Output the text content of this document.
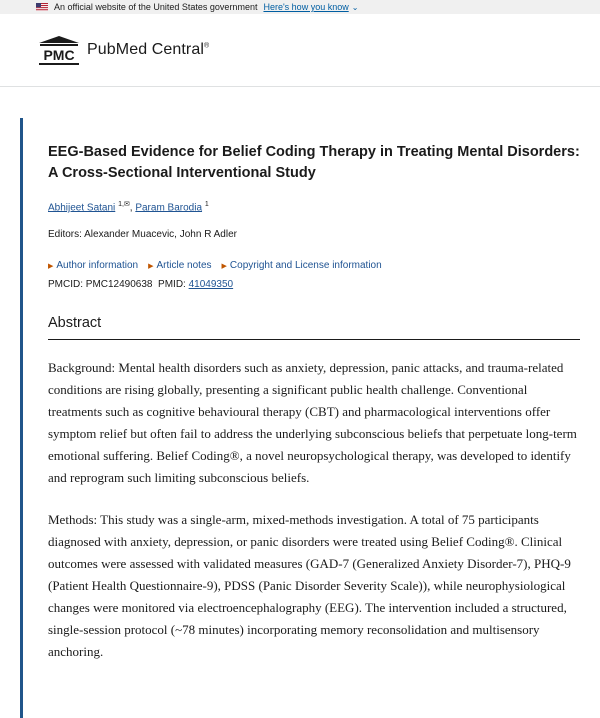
An official website of the United States government Here's how you know ⌄
PMC PubMed Central®
EEG-Based Evidence for Belief Coding Therapy in Treating Mental Disorders: A Cross-Sectional Interventional Study
Abhijeet Satani $^{1,✉}$, Param Barodia $^1$
Editors: Alexander Muacevic, John R Adler
▶ Author information ▶ Article notes ▶ Copyright and License information
PMCID: PMC12490638  PMID: 41049350
Abstract

Background: Mental health disorders such as anxiety, depression, panic attacks, and trauma-related conditions are rising globally, presenting a significant public health challenge. Conventional treatments such as cognitive behavioural therapy (CBT) and pharmacological interventions offer symptom relief but often fail to address the underlying subconscious beliefs that perpetuate long-term emotional suffering. Belief Coding®, a novel neuropsychological therapy, was developed to identify and reprogram such limiting subconscious beliefs.

Methods: This study was a single-arm, mixed-methods investigation. A total of 75 participants diagnosed with anxiety, depression, or panic disorders were treated using Belief Coding®. Clinical outcomes were assessed with validated measures (GAD-7 (Generalized Anxiety Disorder-7), PHQ-9 (Patient Health Questionnaire-9), PDSS (Panic Disorder Severity Scale)), while neurophysiological changes were monitored via electroencephalography (EEG). The intervention included a structured, single-session protocol (~78 minutes) incorporating memory reconsolidation and multisensory anchoring.
